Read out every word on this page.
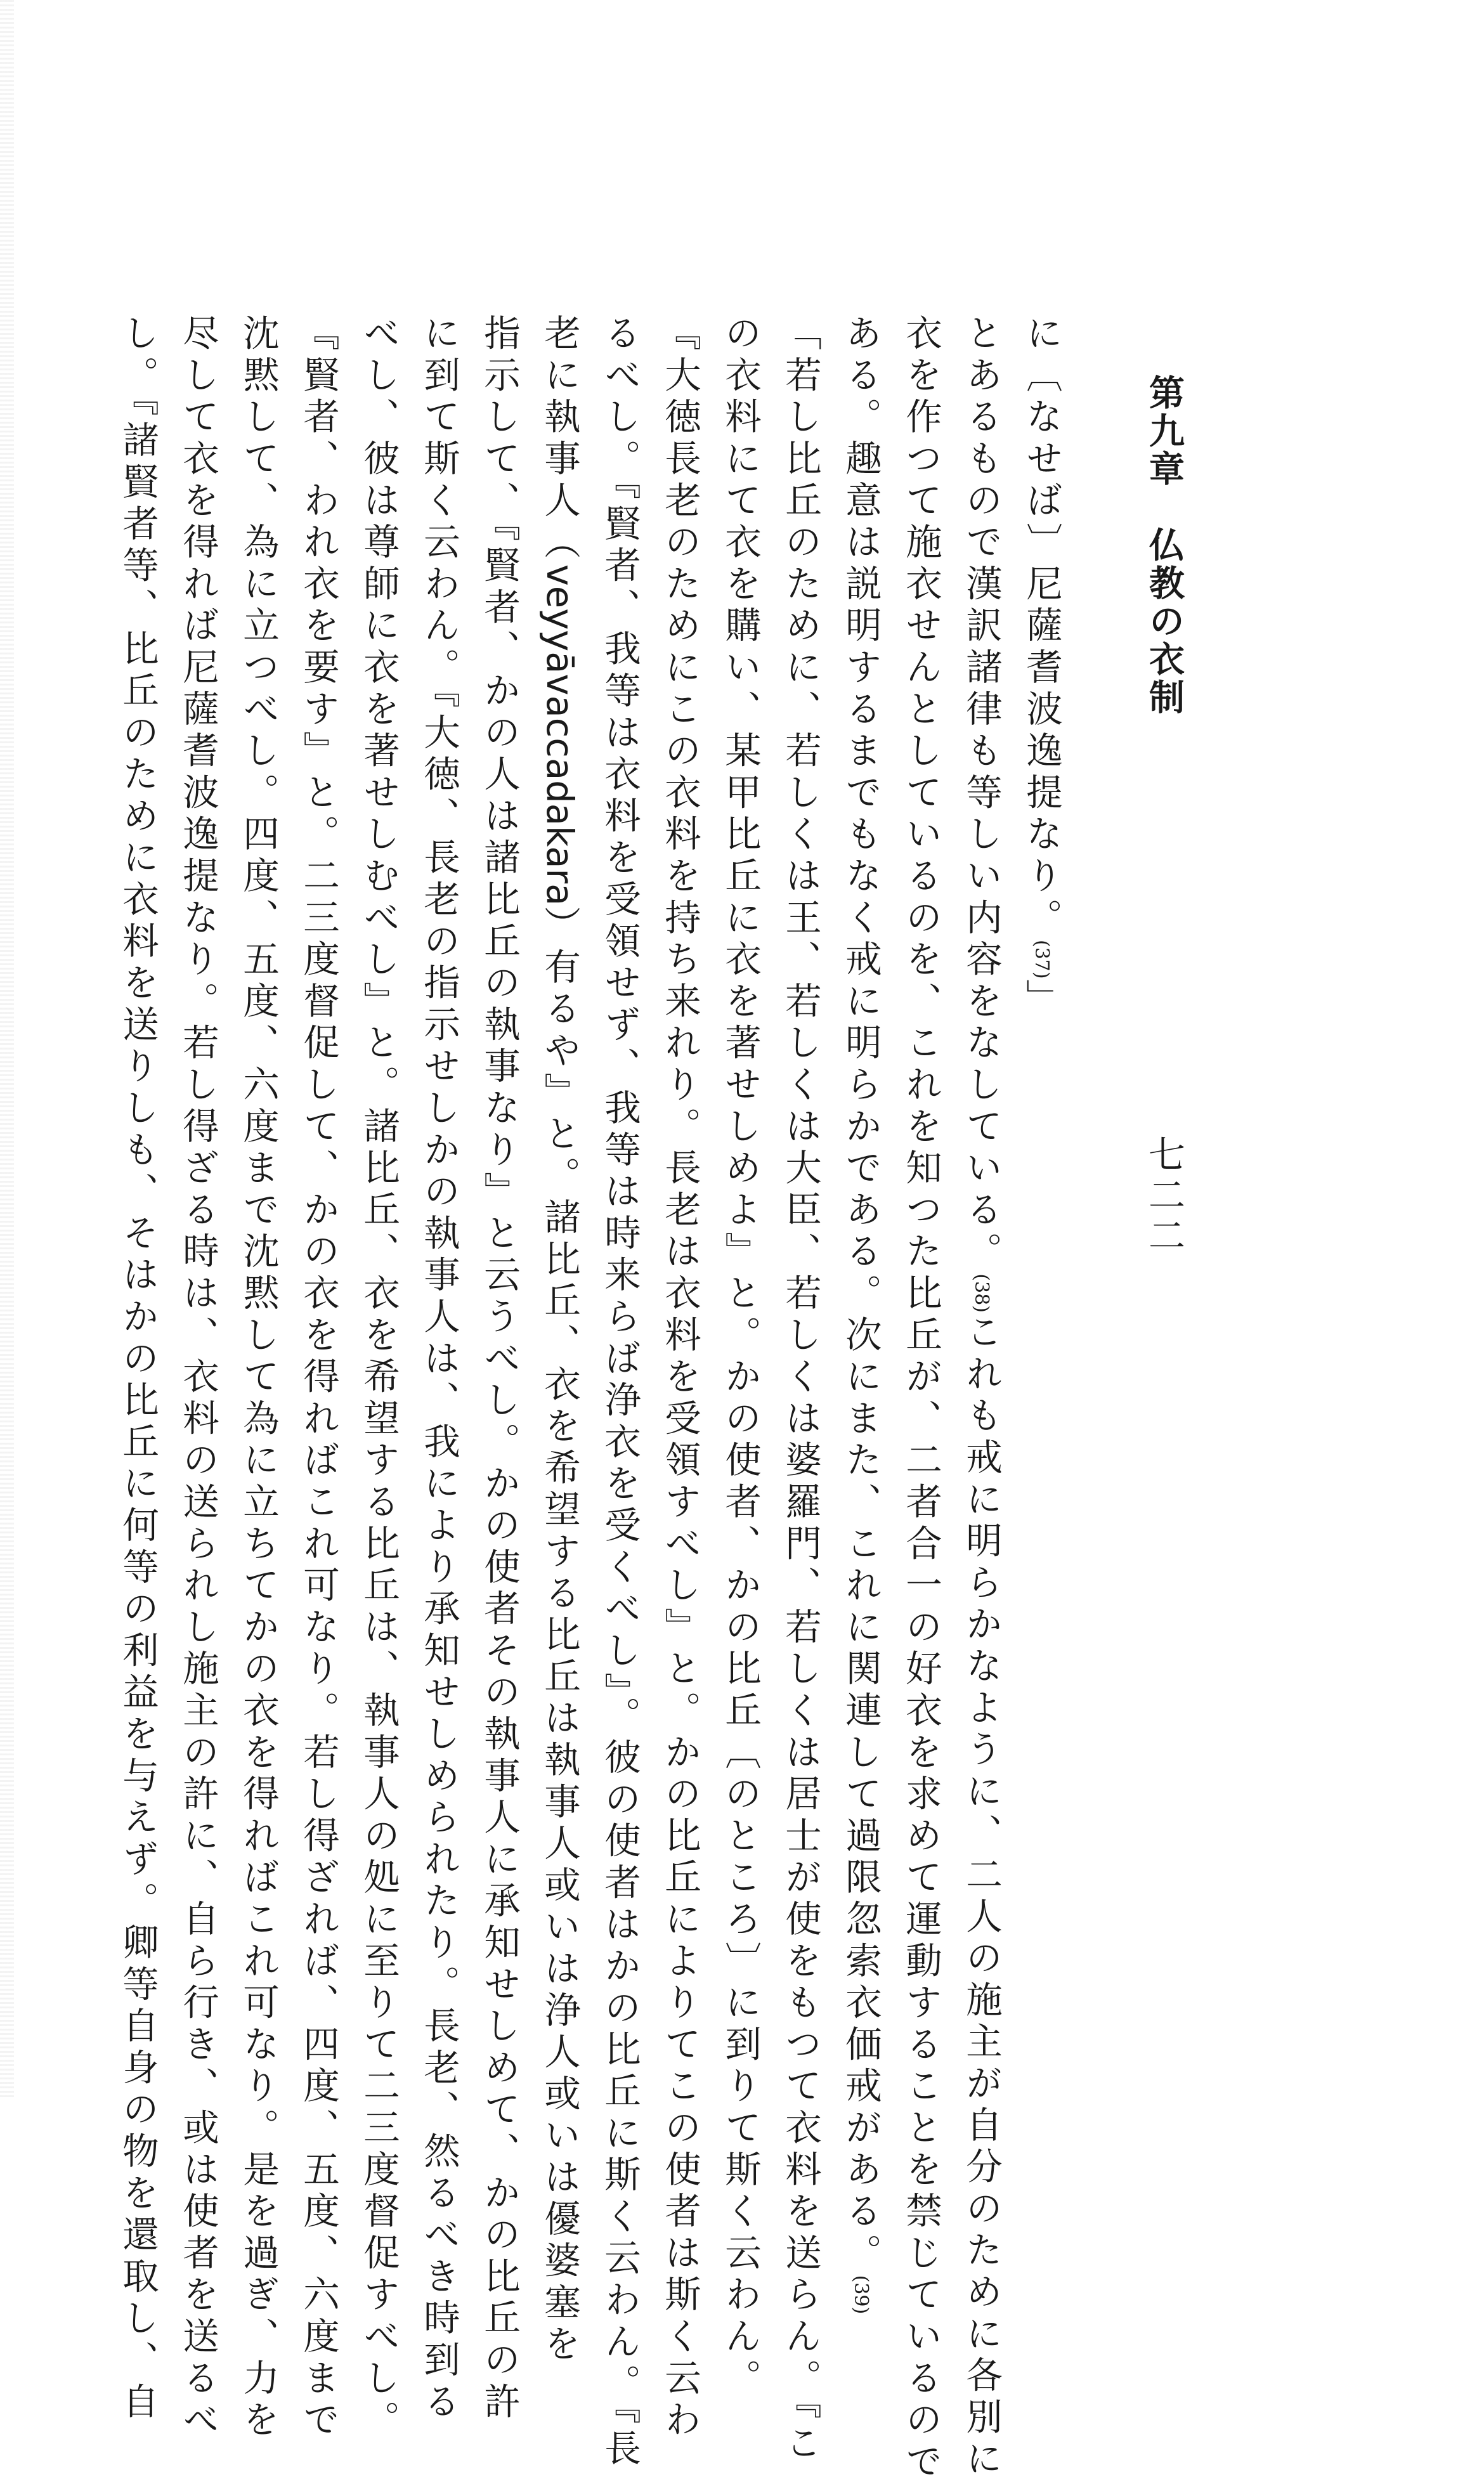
第九章　仏教の衣制
七二二
に〔なせば〕尼薩耆波逸提なり。(37)」
とあるもので漢訳諸律も等しい内容をなしている。(38)これも戒に明らかなように、二人の施主が自分のために各別に
衣を作つて施衣せんとしているのを、これを知つた比丘が、二者合一の好衣を求めて運動することを禁じているので
ある。趣意は説明するまでもなく戒に明らかである。次にまた、これに関連して過限忽索衣価戒がある。(39)
「若し比丘のために、若しくは王、若しくは大臣、若しくは婆羅門、若しくは居士が使をもつて衣料を送らん。『こ
の衣料にて衣を購い、某甲比丘に衣を著せしめよ』と。かの使者、かの比丘〔のところ〕に到りて斯く云わん。
『大徳長老のためにこの衣料を持ち来れり。長老は衣料を受領すべし』と。かの比丘によりてこの使者は斯く云わ
るべし。『賢者、我等は衣料を受領せず、我等は時来らば浄衣を受くべし』。彼の使者はかの比丘に斯く云わん。『長
老に執事人（veyyāvaccadakara）有るや』と。諸比丘、衣を希望する比丘は執事人或いは浄人或いは優婆塞を
指示して、『賢者、かの人は諸比丘の執事なり』と云うべし。かの使者その執事人に承知せしめて、かの比丘の許
に到て斯く云わん。『大徳、長老の指示せしかの執事人は、我により承知せしめられたり。長老、然るべき時到る
べし、彼は尊師に衣を著せしむべし』と。諸比丘、衣を希望する比丘は、執事人の処に至りて二三度督促すべし。
『賢者、われ衣を要す』と。二三度督促して、かの衣を得ればこれ可なり。若し得ざれば、四度、五度、六度まで
沈黙して、為に立つべし。四度、五度、六度まで沈黙して為に立ちてかの衣を得ればこれ可なり。是を過ぎ、力を
尽して衣を得れば尼薩耆波逸提なり。若し得ざる時は、衣料の送られし施主の許に、自ら行き、或は使者を送るべ
し。『諸賢者等、比丘のために衣料を送りしも、そはかの比丘に何等の利益を与えず。卿等自身の物を還取し、自
